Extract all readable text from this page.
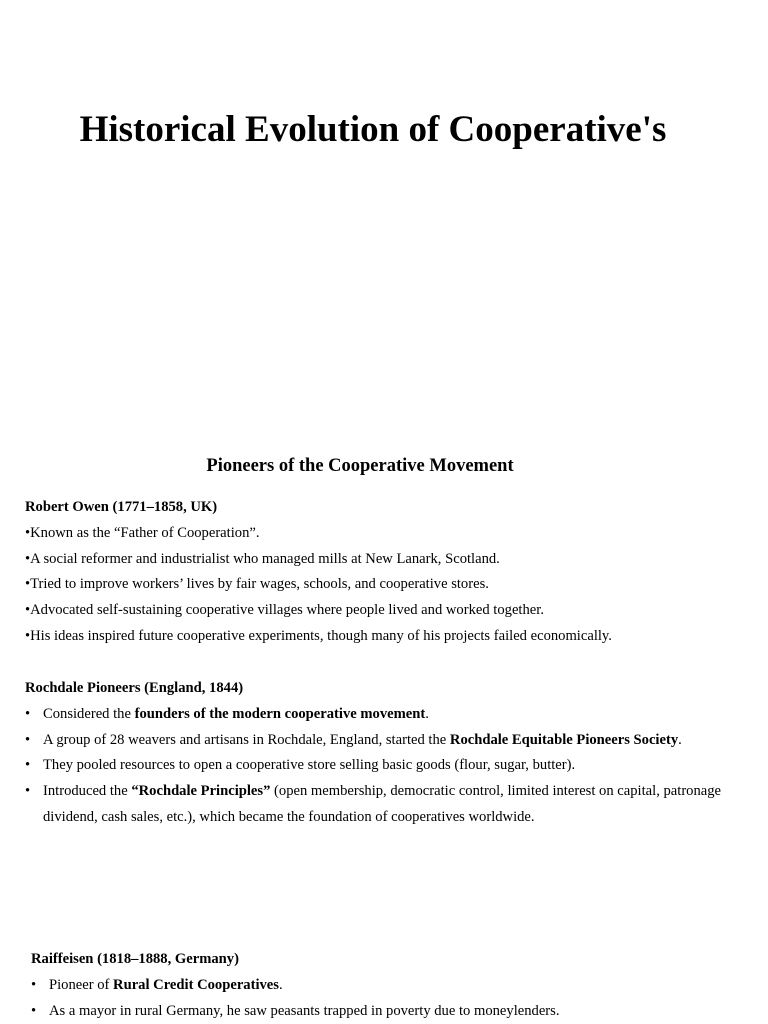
Historical Evolution of Cooperative's
Pioneers of the Cooperative Movement
Robert Owen (1771–1858, UK)
•Known as the “Father of Cooperation”.
•A social reformer and industrialist who managed mills at New Lanark, Scotland.
•Tried to improve workers’ lives by fair wages, schools, and cooperative stores.
•Advocated self-sustaining cooperative villages where people lived and worked together.
•His ideas inspired future cooperative experiments, though many of his projects failed economically.
Rochdale Pioneers (England, 1844)
• Considered the founders of the modern cooperative movement.
• A group of 28 weavers and artisans in Rochdale, England, started the Rochdale Equitable Pioneers Society.
• They pooled resources to open a cooperative store selling basic goods (flour, sugar, butter).
• Introduced the “Rochdale Principles” (open membership, democratic control, limited interest on capital, patronage dividend, cash sales, etc.), which became the foundation of cooperatives worldwide.
Raiffeisen (1818–1888, Germany)
• Pioneer of Rural Credit Cooperatives.
• As a mayor in rural Germany, he saw peasants trapped in poverty due to moneylenders.
